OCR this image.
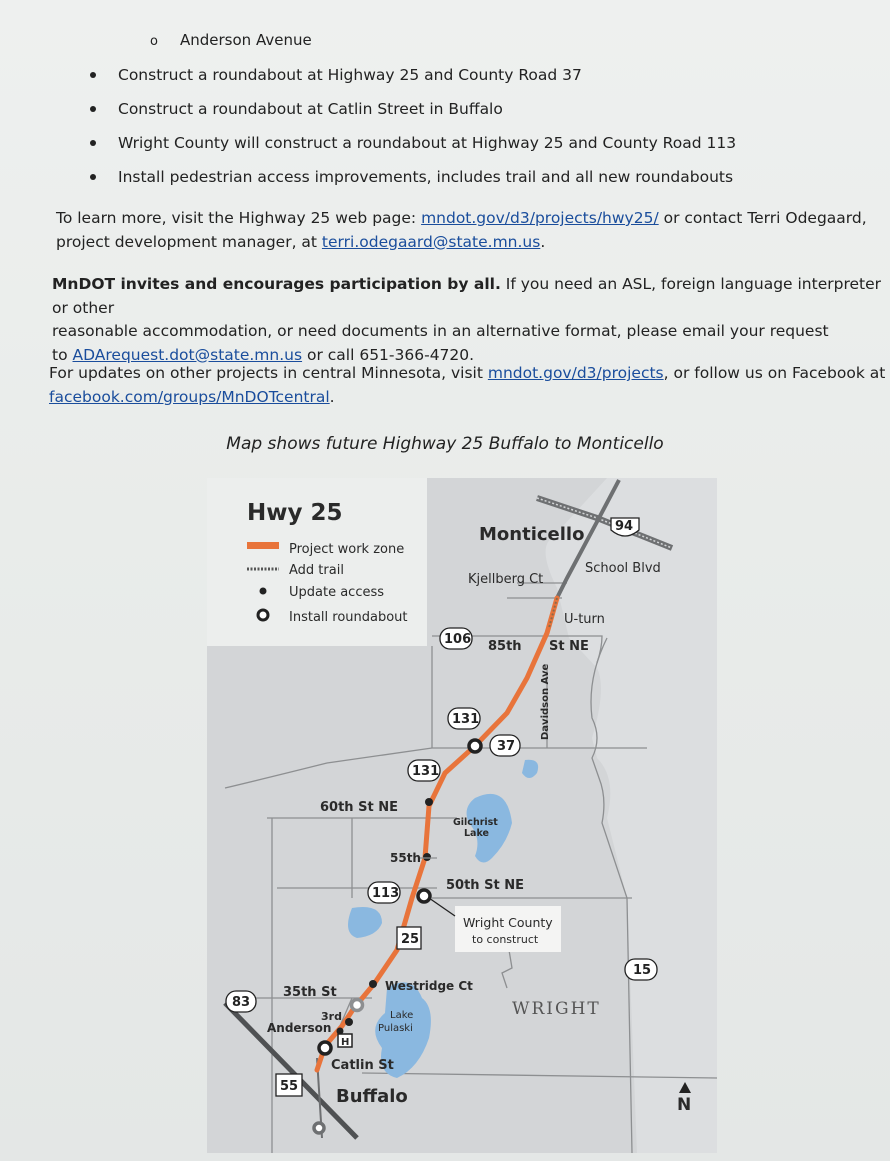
o Anderson Avenue
Construct a roundabout at Highway 25 and County Road 37
Construct a roundabout at Catlin Street in Buffalo
Wright County will construct a roundabout at Highway 25 and County Road 113
Install pedestrian access improvements, includes trail and all new roundabouts
To learn more, visit the Highway 25 web page: mndot.gov/d3/projects/hwy25/ or contact Terri Odegaard,
project development manager, at terri.odegaard@state.mn.us.
MnDOT invites and encourages participation by all. If you need an ASL, foreign language interpreter or other
reasonable accommodation, or need documents in an alternative format, please email your request
to ADArequest.dot@state.mn.us or call 651-366-4720.
For updates on other projects in central Minnesota, visit mndot.gov/d3/projects, or follow us on Facebook at
facebook.com/groups/MnDOTcentral.
Map shows future Highway 25 Buffalo to Monticello
Hwy 25
Project work zone
Add trail
Update access
Install roundabout
Monticello
Kjellberg Ct
School Blvd
U-turn
85th St NE
Davidson Ave
60th St NE
55th
50th St NE
Gilchrist
Lake
Wright County
to construct
Westridge Ct
35th St
3rd
Anderson
Lake
Pulaski
Catlin St
H
Buffalo
WRIGHT
N
94
106
131
37
131
113
15
83
25
55
